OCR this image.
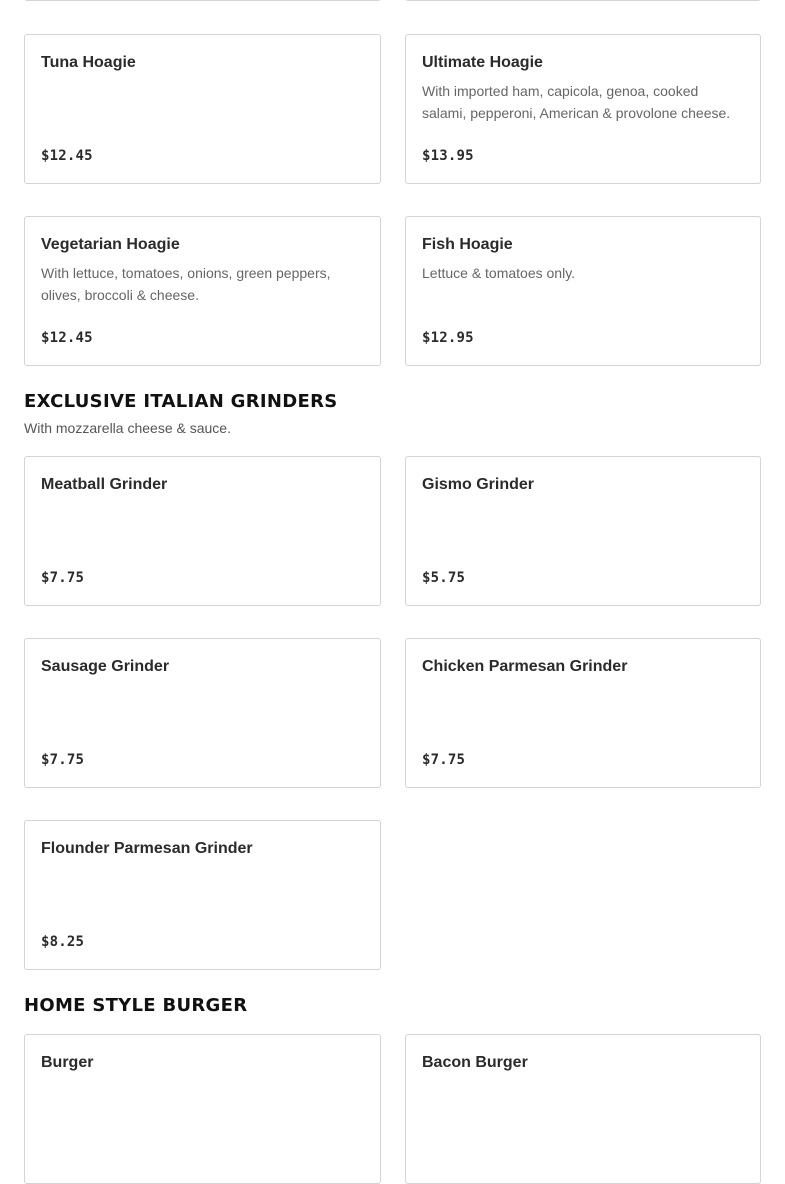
Tuna Hoagie
$12.45
Ultimate Hoagie
With imported ham, capicola, genoa, cooked salami, pepperoni, American & provolone cheese.
$13.95
Vegetarian Hoagie
With lettuce, tomatoes, onions, green peppers, olives, broccoli & cheese.
$12.45
Fish Hoagie
Lettuce & tomatoes only.
$12.95
EXCLUSIVE ITALIAN GRINDERS
With mozzarella cheese & sauce.
Meatball Grinder
$7.75
Gismo Grinder
$5.75
Sausage Grinder
$7.75
Chicken Parmesan Grinder
$7.75
Flounder Parmesan Grinder
$8.25
HOME STYLE BURGER
Burger	Bacon Burger
